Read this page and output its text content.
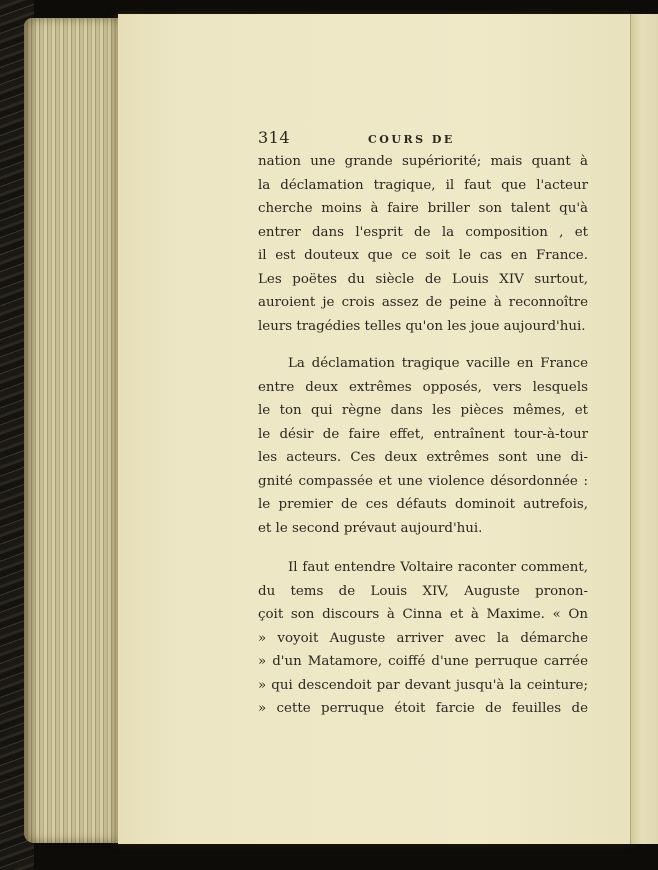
314	COURS DE
nation une grande supériorité; mais quant à
la déclamation tragique, il faut que l'acteur
cherche moins à faire briller son talent qu'à
entrer dans l'esprit de la composition , et
il est douteux que ce soit le cas en France.
Les poëtes du siècle de Louis XIV surtout,
auroient je crois assez de peine à reconnoître
leurs tragédies telles qu'on les joue aujourd'hui.
La déclamation tragique vacille en France
entre deux extrêmes opposés, vers lesquels
le ton qui règne dans les pièces mêmes, et
le désir de faire effet, entraînent tour-à-tour
les acteurs. Ces deux extrêmes sont une di-
gnité compassée et une violence désordonnée :
le premier de ces défauts dominoit autrefois,
et le second prévaut aujourd'hui.
Il faut entendre Voltaire raconter comment,
du tems de Louis XIV, Auguste pronon-
çoit son discours à Cinna et à Maxime. « On
» voyoit Auguste arriver avec la démarche
» d'un Matamore, coiffé d'une perruque carrée
» qui descendoit par devant jusqu'à la ceinture;
» cette perruque étoit farcie de feuilles de
